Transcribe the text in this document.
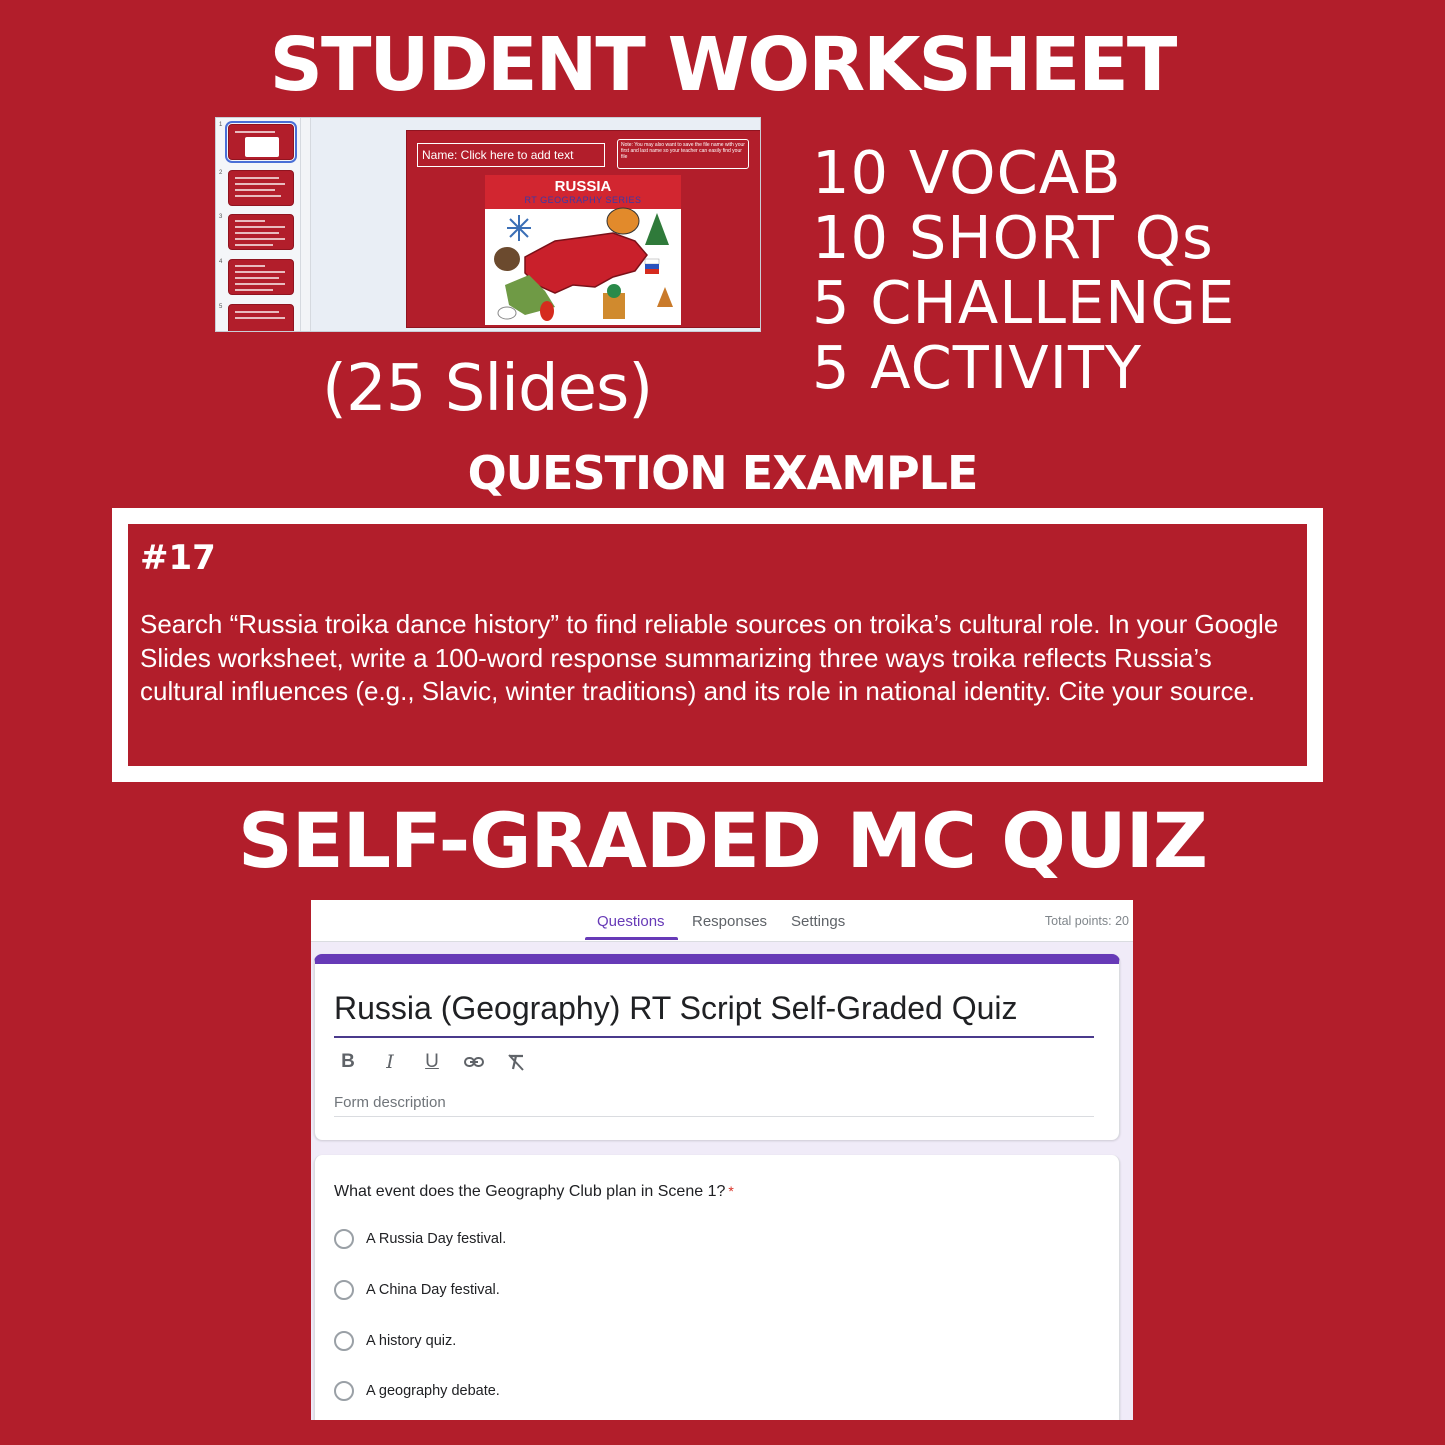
STUDENT WORKSHEET
1
2
3
4
5
Name: Click here to add text
Note: You may also want to save the file name with your first and last name so your teacher can easily find your file
RUSSIA
RT GEOGRAPHY SERIES
(25 Slides)
10 VOCAB
10 SHORT Qs
5 CHALLENGE
5 ACTIVITY
QUESTION EXAMPLE
#17
Search “Russia troika dance history” to find reliable sources on troika’s cultural role. In your Google Slides worksheet, write a 100-word response summarizing three ways troika reflects Russia’s cultural influences (e.g., Slavic, winter traditions) and its role in national identity. Cite your source.
SELF-GRADED MC QUIZ
Questions Responses Settings	Total points: 20
Russia (Geography) RT Script Self-Graded Quiz
B	I	U
Form description
What event does the Geography Club plan in Scene 1? *
A Russia Day festival.
A China Day festival.
A history quiz.
A geography debate.
